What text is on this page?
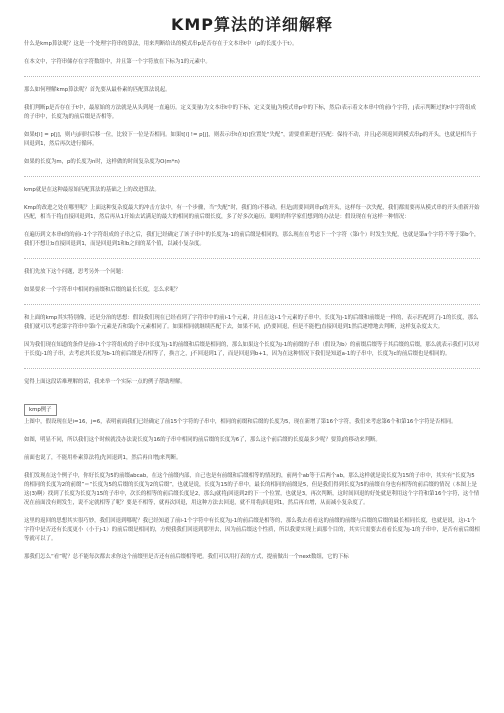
KMP算法的详细解释

什么是kmp算法呢？这是一个处理字符串的算法，用来判断给出的模式串p是否存在于文本串t中（p的长度小于t）。

在本文中，字符串储存在字符数组中，并且第一个字符放在下标为1的元素中。

那么如何理解kmp算法呢？首先要从最朴素的匹配算法说起。

我们判断p是否存在于t中，最原始的方法就是从头到尾一直遍历。定义变量i为文本串t中的下标，定义变量j为模式串p中的下标，然后i表示着文本串中的前i个字符，j表示判断过的t中字符组成的子串中，长度为j的前后缀是否相等。

如果t[i] = p[j]，则i与j同时后移一位，比较下一位是否相同。如果t[i] != p[j]，则表示串t在t[i]位置处“失配”，需要重新进行匹配：保持不动，并且j必须返回到模式串p的开头，也就是相当于回退到1，然后再次进行循环。

如果的长度为m，p的长度为n时，这样做的时间复杂度为O(m*n)

kmp就是在这种最原始匹配算法的基础之上的改进算法。

Kmp的改进之处在哪里呢？上面这种复杂度最大的冲击方法中，有一个步骤，当“失配”时，我们的i不移动，但是j需要回到串p的开头，这样每一次失配，我们都需要再从模式串的开头重新开始匹配，相当于将j直接回退到1，然后再从1开始去试满足的最大的相同的前后缀长度，多了好多次遍历。聪明的科学家们想到的办法是：假设现在有这样一种情况：

在遍历到文本串t的的前i-1个字符组成的子串之后，我们已经确定了该子串中的长度为j-1的前后缀是相同的，那么现在在考虑下一个字符（第i个）时发生失配，也就是第a个字符不等于第b个，我们不想让b直接回退到1，而是回退到1和b之间的某个值，以减小复杂度。

我们先放下这个问题，思考另外一个问题：

如果要求一个字符串中相同的前缀和后缀的最长长度，怎么求呢？

和上面的kmp其实特别像，还是分治的思想：假设我们现在已经看到了字符串中的前i-1个元素，并且在这i-1个元素的子串中，长度为j-1的后缀和前缀是一样的，表示匹配到了j-1的长度，那么我们就可以考虑第字符串中第i个元素是否和第j个元素相同了。如果相同就继续匹配下去，如果不同，j仍要回退，但是不能把j直接回退到1然后逐增地去判断，这样复杂度太大。

因为我们现在知道的条件是前i-1个字符组成的子串中长度为j-1的前缀和后缀是相同的，那么如果这个长度为j-1的前缀的子串（假设为b）的前缀后缀等于其后缀的后缀，那么就表示我们可以对于长度j-1的子串，去考虑其长度为b-1的前后缀是否相等了，换言之，j不回退到1了，而是回退到b+1，因为在这种情况下我们是知道a-1的子串中，长度为c的前后缀也是相同的。

觉得上面这段话难理解的话，我来举一个实际一点的例子帮助理解。

kmp例子

上图中，假设现在是i=16，j=6，表明前面我们已经确定了前15个字符的子串中，相同的前缀和后缀的长度为5，现在新增了第16个字符，我们来考虑第6个和第16个字符是否相同。

如图，明显不同，所以我们这个时候就没办法说长度为16的子串中相同的前后缀的长度为6了，那么这个前后缀的长度最多少呢？要算j的移动来判断。

前面也说了，不能用朴素算法将j先回退到1，然后再自增j来判断。

我们发现在这个例子中，你好长度为5的前缀abcab，在这个前缀内部，自己也是有前缀和后缀相等的情况的，前两个ab等于后两个ab，那么这样就是说长度为15的子串中，其实有“长度为5的相同的长度为2的前缀”＝“长度为5的后缀的长度为2的后缀”，也就是说，长度为15的子串中，最长的相同的前缀是5，但是我们得到长度为5的前缀自身也有相等的前后缀的情况（本图上是这(3)啊）找到了长度为长度为15的子串中，次长的相等的前后缀长度是2，那么j就将j回退到2的下一个位置，也就是3，再次判断，这时间回退的好处就是利用这个字符和第16个字符，这个情况在前面没有则发生，说不定就相等了呢？要是不相等，就再次回退，用这种方法去回退，就不用将j回退到1，然后再自增，从而减小复杂度了。

这里的返回的思想其实很巧妙，我们回退到哪呢？我已经知道了前i-1个字符中有长度为j-1的前后缀是相等的，那么我去看看这的前缀的前缀与后缀的后缀的最长相同长度，也就是说，这i-1个字符中是否还有长度更小（小于j-1）的前后缀是相同的，方便我我们回退到那里去，因为前后缀这个性质，所以我要实现上面那个目的，其实只需要去看看长度为j-1的子串中，是否有前后缀相等就可以了。

那我们怎么“看”呢？总不能每次都去求你这个前缀里是否还有前后缀相等吧。我们可以用打表的方式，提前做出一个next数组，它的下标
